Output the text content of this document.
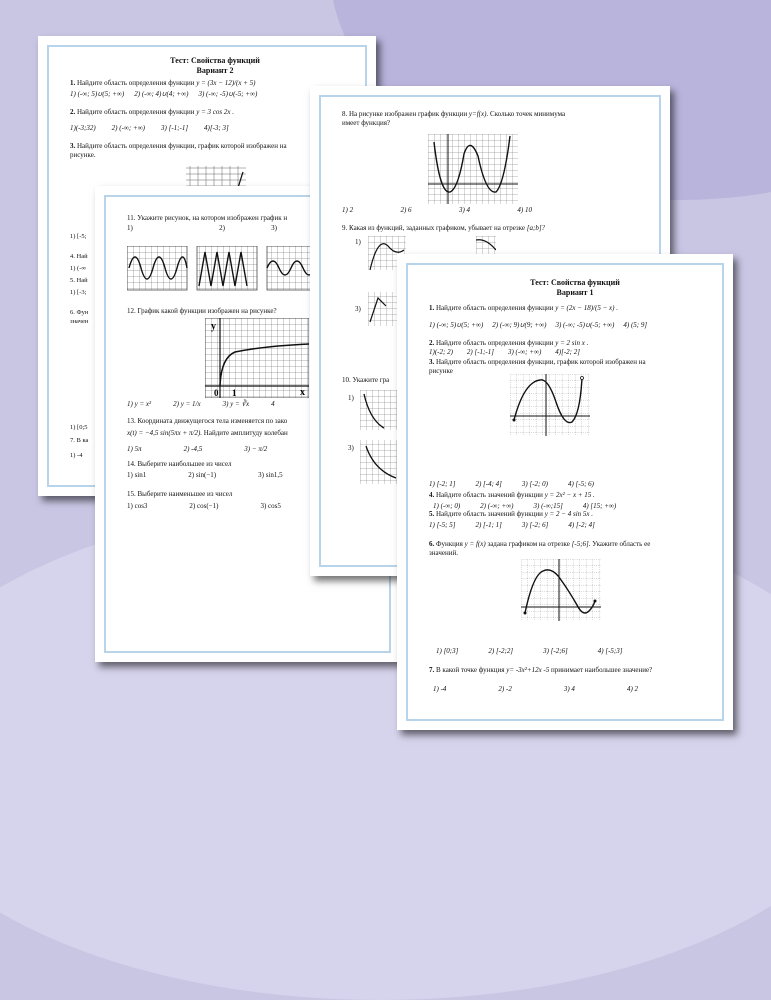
Тест: Свойства функций
Вариант 2
1. Найдите область определения функции y = (3x − 12)/(x + 5)
1) (-∞; 5)∪(5; +∞) 2) (-∞; 4)∪(4; +∞) 3) (-∞; -5)∪(-5; +∞)
2. Найдите область определения функции y = 3 cos 2x .
1)(-3;32) 2) (-∞; +∞) 3) [-1;-1] 4)[-3; 3]
3. Найдите область определения функции, график которой изображен на
рисунке.
1) [-5;
4. Най
1) (-∞
5. Най
1) [-3;
6. Фун
значен
1) [0;5
7. В ка
1) -4
11. Укажите рисунок, на котором изображен график н
1)	2)	3)
12. График какой функции изображен на рисунке?
y
x
0 1
1) y = x²	2) y = 1/x	3) y = ∛x	4
13. Координата движущегося тела изменяется по зако
x(t) = −4,5 sin(5πx + π/2). Найдите амплитуду колебан
1) 5π	2) -4,5	3) − π/2
14. Выберите наибольшее из чисел
1) sin1	2) sin(−1)	3) sin1,5
15. Выберите наименьшее из чисел
1) cos3	2) cos(−1)	3) cos5
8. На рисунке изображен график функции y=f(x). Сколько точек минимума
имеет функция?
1) 2	2) 6	3) 4	4) 10
9. Какая из функций, заданных графиком, убывает на отрезке [a;b]?
1)
3)
10. Укажите гра
1)
3)
Тест: Свойства функций
Вариант 1
1. Найдите область определения функции y = (2x − 18)/(5 − x) .
1) (-∞; 5)∪(5; +∞) 2) (-∞; 9)∪(9; +∞) 3) (-∞; -5)∪(-5; +∞) 4) (5; 9]
2. Найдите область определения функции y = 2 sin x .
1)(-2; 2) 2) [-1;-1] 3) (-∞; +∞) 4)[-2; 2]
3. Найдите область определения функции, график которой изображен на
рисунке
1) [-2; 1]	2) [-4; 4]	3) [-2; 0)	4) [-5; 6)
4. Найдите область значений функции y = 2x² − x + 15 .
1) (-∞; 0)	2) (-∞; +∞)	3) (-∞;15]	4) [15; +∞)
5. Найдите область значений функции y = 2 − 4 sin 5x .
1) [-5; 5]	2) [-1; 1]	3) [-2; 6]	4) [-2; 4]
6. Функция y = f(x) задана графиком на отрезке [-5;6]. Укажите область ее
значений.
1) [0;3]	2) [-2;2]	3) [-2;6]	4) [-5;3]
7. В какой точке функция y= -3x²+12x -5 принимает наибольшее значение?
1) -4	2) -2	3) 4	4) 2
